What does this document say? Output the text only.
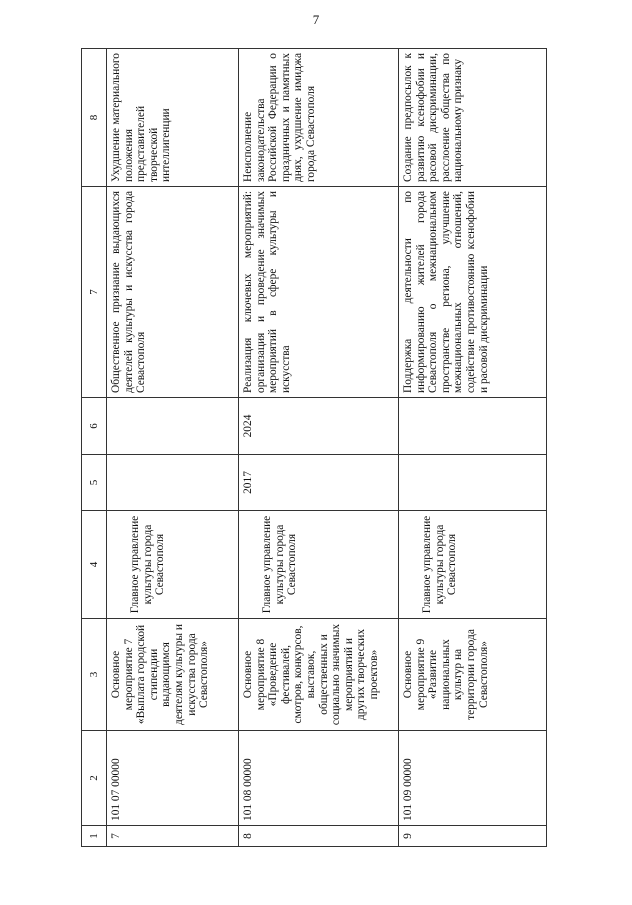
7
1	2	3	4	5	6	7	8
7	101 07 00000	Основное мероприятие 7 «Выплата городской стипендии выдающимся деятелям культуры и искусства города Севастополя»	Главное управление культуры города Севастополя			Общественное признание выдающихся деятелей культуры и искусства города Севастополя	Ухудшение материального положения представителей творческой интеллигенции
8	101 08 00000	Основное мероприятие 8 «Проведение фестивалей, смотров, конкурсов, выставок, общественных и социально значимых мероприятий и других творческих проектов»	Главное управление культуры города Севастополя	2017	2024	Реализация ключевых мероприятий: организация и проведение значимых мероприятий в сфере культуры и искусства	Неисполнение законодательства Российской Федерации о праздничных и памятных днях, ухудшение имиджа города Севастополя
9	101 09 00000	Основное мероприятие 9 «Развитие национальных культур на территории города Севастополя»	Главное управление культуры города Севастополя			Поддержка деятельности по информированию жителей города Севастополя о межнациональном пространстве региона, улучшение межнациональных отношений, содействие противостоянию ксенофобии и расовой дискриминации	Создание предпосылок к развитию ксенофобии и расовой дискриминации, расслоение общества по национальному признаку
